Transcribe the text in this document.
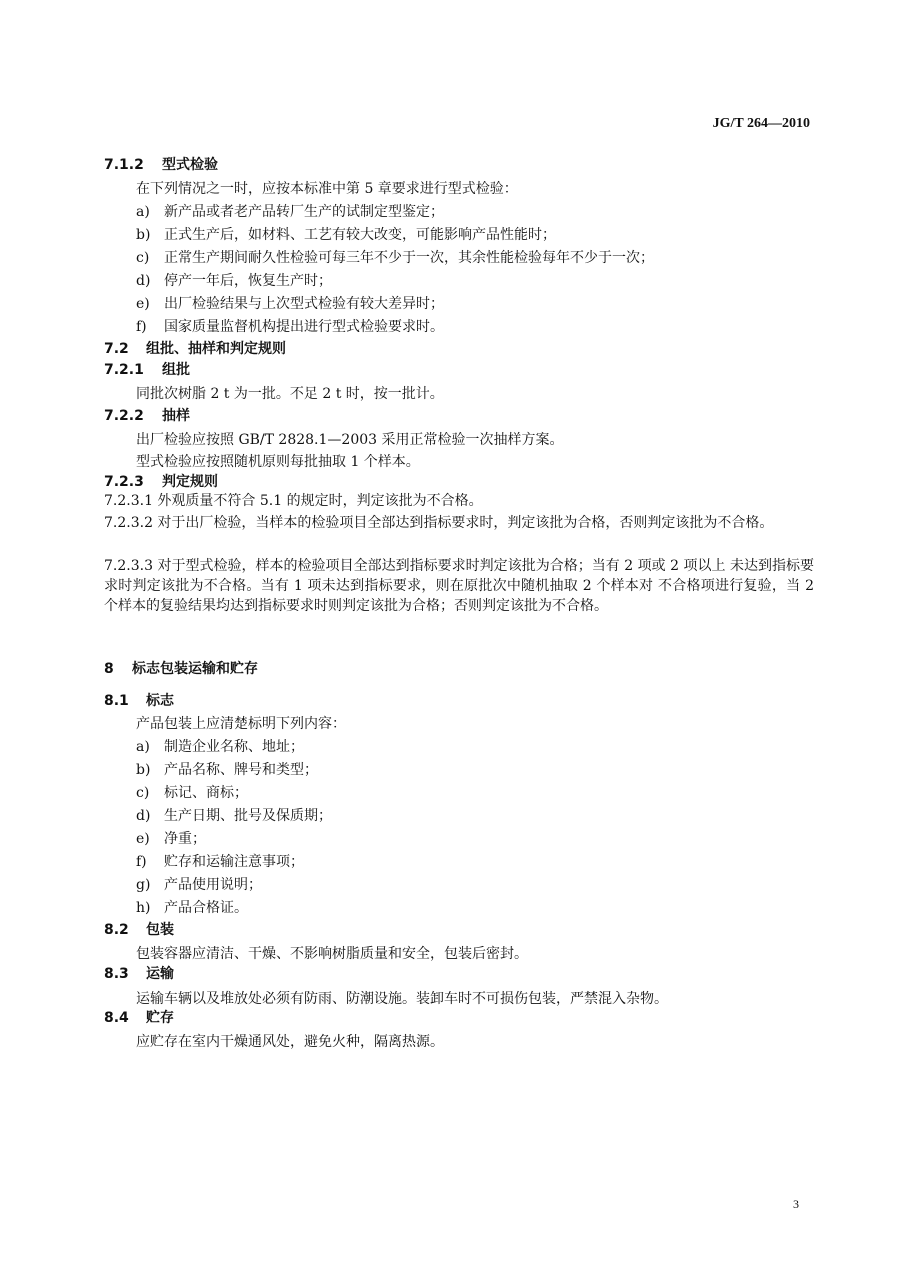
JG/T 264—2010
7.1.2 型式检验
在下列情况之一时，应按本标准中第 5 章要求进行型式检验：
a) 新产品或者老产品转厂生产的试制定型鉴定；
b) 正式生产后，如材料、工艺有较大改变，可能影响产品性能时；
c) 正常生产期间耐久性检验可每三年不少于一次，其余性能检验每年不少于一次；
d) 停产一年后，恢复生产时；
e) 出厂检验结果与上次型式检验有较大差异时；
f) 国家质量监督机构提出进行型式检验要求时。
7.2 组批、抽样和判定规则
7.2.1 组批
同批次树脂 2 t 为一批。不足 2 t 时，按一批计。
7.2.2 抽样
出厂检验应按照 GB/T 2828.1—2003 采用正常检验一次抽样方案。
型式检验应按照随机原则每批抽取 1 个样本。
7.2.3 判定规则
7.2.3.1 外观质量不符合 5.1 的规定时，判定该批为不合格。
7.2.3.2 对于出厂检验，当样本的检验项目全部达到指标要求时，判定该批为合格，否则判定该批为不合格。
7.2.3.3 对于型式检验，样本的检验项目全部达到指标要求时判定该批为合格；当有 2 项或 2 项以上 未达到指标要求时判定该批为不合格。当有 1 项未达到指标要求，则在原批次中随机抽取 2 个样本对 不合格项进行复验，当 2 个样本的复验结果均达到指标要求时则判定该批为合格；否则判定该批为不合格。
8 标志包装运输和贮存
8.1 标志
产品包装上应清楚标明下列内容：
a) 制造企业名称、地址；
b) 产品名称、牌号和类型；
c) 标记、商标；
d) 生产日期、批号及保质期；
e) 净重；
f) 贮存和运输注意事项；
g) 产品使用说明；
h) 产品合格证。
8.2 包装
包装容器应清洁、干燥、不影响树脂质量和安全，包装后密封。
8.3 运输
运输车辆以及堆放处必须有防雨、防潮设施。装卸车时不可损伤包装，严禁混入杂物。
8.4 贮存
应贮存在室内干燥通风处，避免火种，隔离热源。
3
